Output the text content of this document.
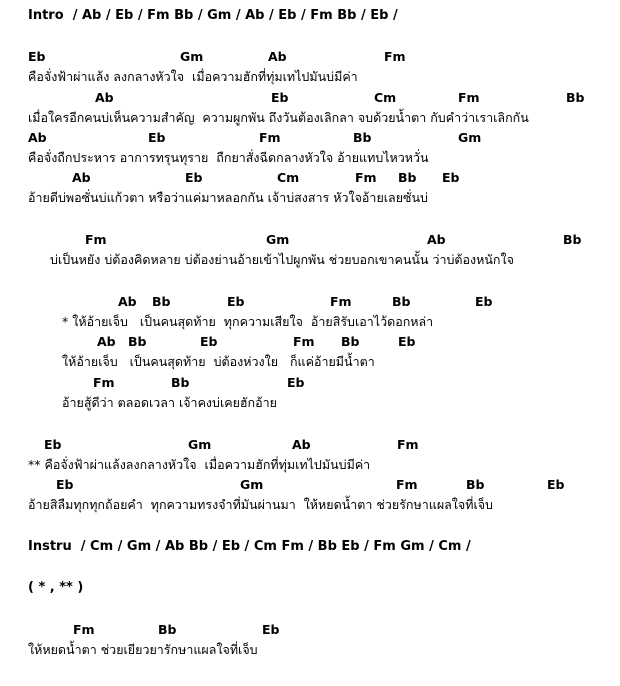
Intro  / Ab / Eb / Fm Bb / Gm / Ab / Eb / Fm Bb / Eb /

Eb

	Gm

	Ab

	Fm

คือจั่งฟ้าผ่าแล้ง ลงกลางหัวใจ  เมื่อความฮักที่ทุ่มเทไปมันบ่มีค่า

Ab

	Eb

	Cm

	Fm

	Bb

เมื่อใครอีกคนบ่เห็นความสำคัญ  ความผูกพัน ถึงวันต้องเลิกลา จบด้วยน้ำตา กับคำว่าเราเลิกกัน

Ab

	Eb

	Fm

	Bb

	Gm

คือจั่งถืกประหาร อาการทรุนทุราย  ถืกยาสั่งฉีดกลางหัวใจ อ้ายแทบไหวหวั่น

Ab

	Eb

	Cm

	Fm

Bb

Eb

อ้ายดีบ่พอซั่นบ่แก้วตา หรือว่าแค่มาหลอกกัน เจ้าบ่สงสาร หัวใจอ้ายเลยซั่นบ่

Fm

	Gm

	Ab

	Bb

บ่เป็นหยัง บ่ต้องคิดหลาย บ่ต้องย่านอ้ายเข้าไปผูกพัน ช่วยบอกเขาคนนั้น ว่าบ่ต้องหนักใจ

Ab

Bb

	Eb

	Fm

	Bb

	Eb

* ให้อ้ายเจ็บ   เป็นคนสุดท้าย  ทุกความเสียใจ  อ้ายสิรับเอาไว้ดอกหล่า

Ab

Bb

	Eb

	Fm

Bb

	Eb

ให้อ้ายเจ็บ   เป็นคนสุดท้าย  บ่ต้องห่วงใย   ก็แค่อ้ายมีน้ำตา

Fm

	Bb

	Eb

อ้ายสู้ดีว่า ตลอดเวลา เจ้าคงบ่เคยฮักอ้าย

Eb

	Gm

	Ab

	Fm

** คือจั่งฟ้าผ่าแล้งลงกลางหัวใจ  เมื่อความฮักที่ทุ่มเทไปมันบ่มีค่า

Eb

	Gm

	Fm

	Bb

	Eb

อ้ายสิลืมทุกทุกถ้อยคำ  ทุกความทรงจำที่มันผ่านมา  ให้หยดน้ำตา ช่วยรักษาแผลใจที่เจ็บ
Instru  / Cm / Gm / Ab Bb / Eb / Cm Fm / Bb Eb / Fm Gm / Cm /
( * , ** )

Fm

	Bb

	Eb

ให้หยดน้ำตา ช่วยเยียวยารักษาแผลใจที่เจ็บ
